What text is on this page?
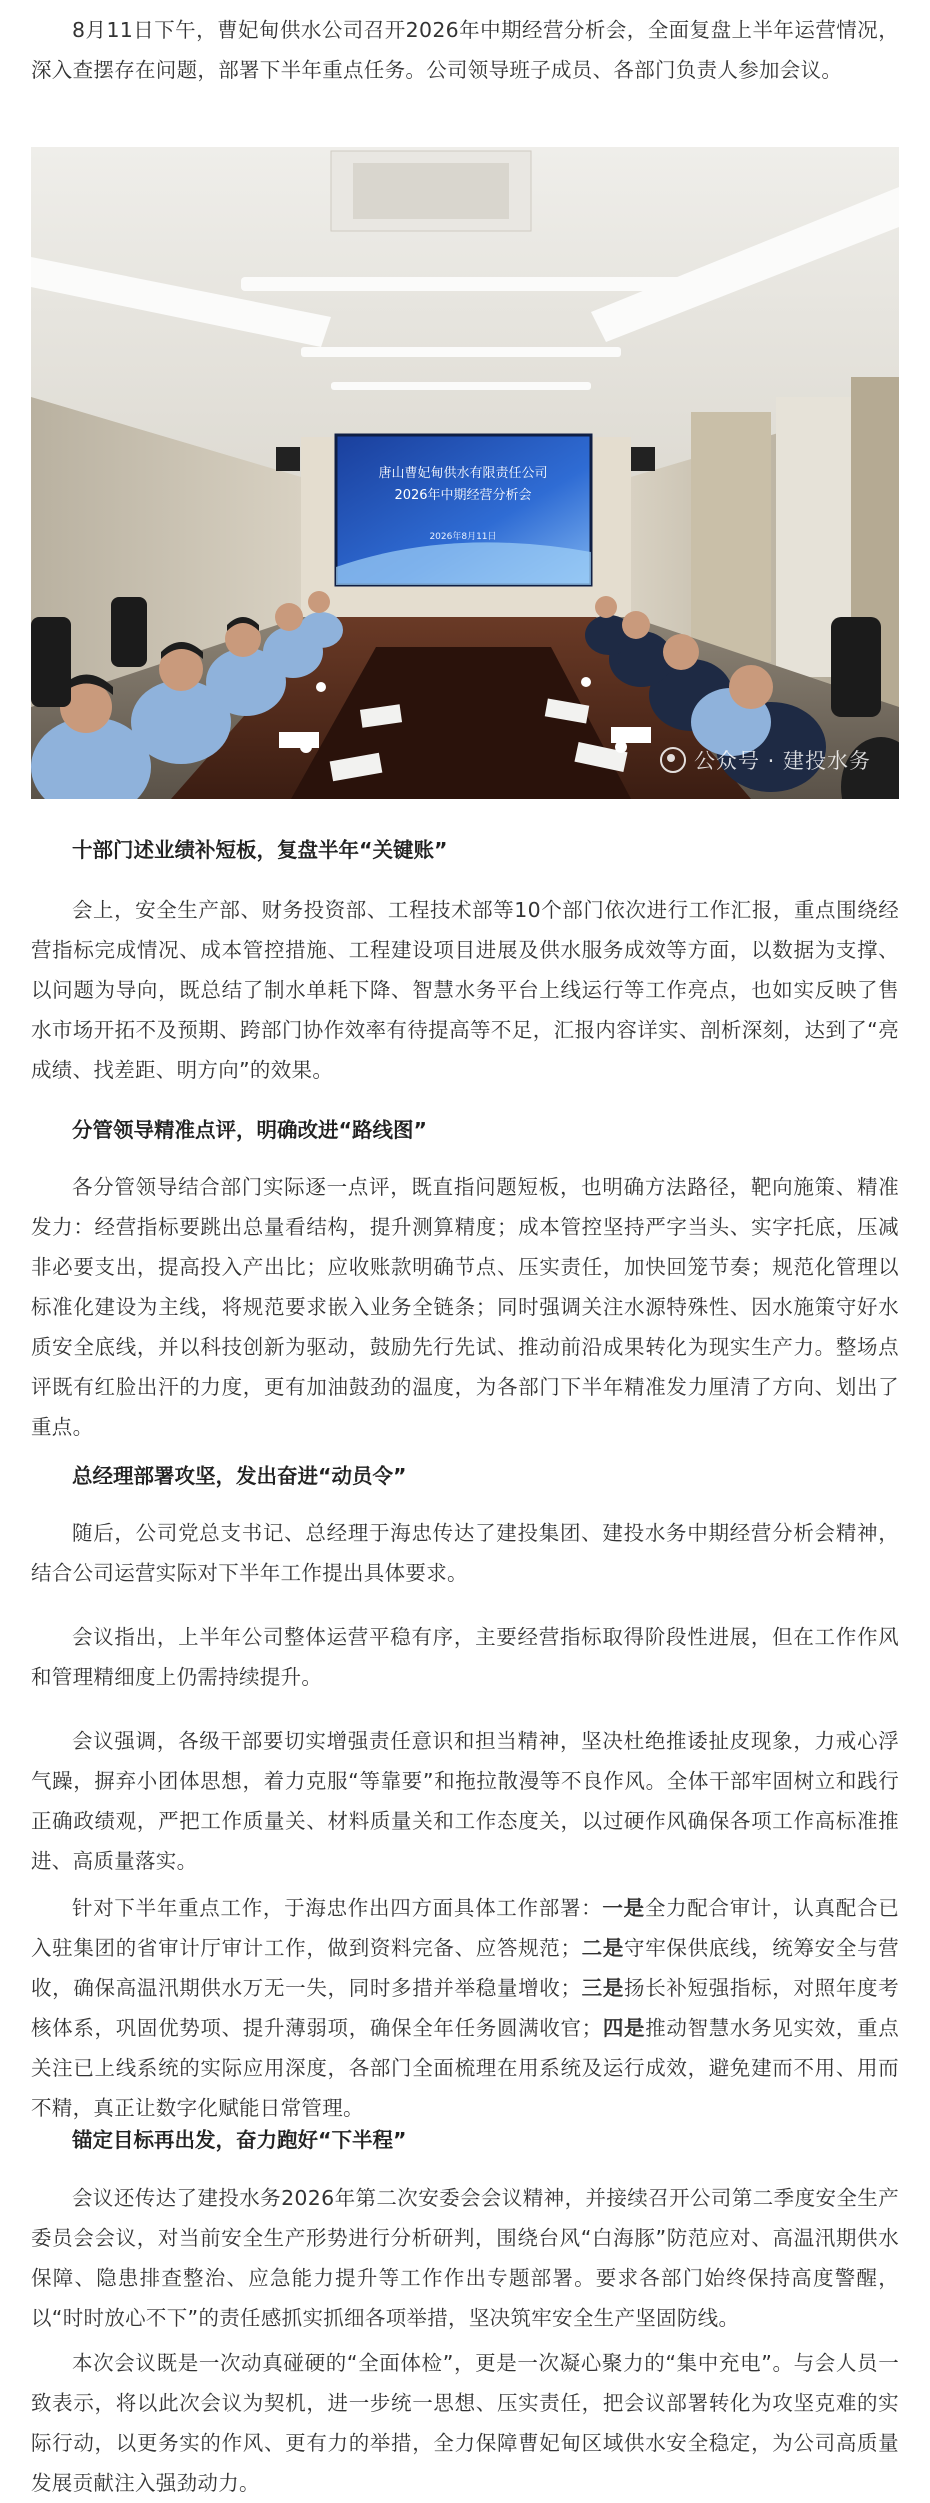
8月11日下午，曹妃甸供水公司召开2026年中期经营分析会，全面复盘上半年运营情况，深入查摆存在问题，部署下半年重点任务。公司领导班子成员、各部门负责人参加会议。

唐山曹妃甸供水有限责任公司
2026年中期经营分析会
2026年8月11日
公众号 · 建投水务
十部门述业绩补短板，复盘半年“关键账”

会上，安全生产部、财务投资部、工程技术部等10个部门依次进行工作汇报，重点围绕经营指标完成情况、成本管控措施、工程建设项目进展及供水服务成效等方面，以数据为支撑、以问题为导向，既总结了制水单耗下降、智慧水务平台上线运行等工作亮点，也如实反映了售水市场开拓不及预期、跨部门协作效率有待提高等不足，汇报内容详实、剖析深刻，达到了“亮成绩、找差距、明方向”的效果。

分管领导精准点评，明确改进“路线图”

各分管领导结合部门实际逐一点评，既直指问题短板，也明确方法路径，靶向施策、精准发力：经营指标要跳出总量看结构，提升测算精度；成本管控坚持严字当头、实字托底，压减非必要支出，提高投入产出比；应收账款明确节点、压实责任，加快回笼节奏；规范化管理以标准化建设为主线，将规范要求嵌入业务全链条；同时强调关注水源特殊性、因水施策守好水质安全底线，并以科技创新为驱动，鼓励先行先试、推动前沿成果转化为现实生产力。整场点评既有红脸出汗的力度，更有加油鼓劲的温度，为各部门下半年精准发力厘清了方向、划出了重点。

总经理部署攻坚，发出奋进“动员令”

随后，公司党总支书记、总经理于海忠传达了建投集团、建投水务中期经营分析会精神，结合公司运营实际对下半年工作提出具体要求。

会议指出，上半年公司整体运营平稳有序，主要经营指标取得阶段性进展，但在工作作风和管理精细度上仍需持续提升。

会议强调，各级干部要切实增强责任意识和担当精神，坚决杜绝推诿扯皮现象，力戒心浮气躁，摒弃小团体思想，着力克服“等靠要”和拖拉散漫等不良作风。全体干部牢固树立和践行正确政绩观，严把工作质量关、材料质量关和工作态度关，以过硬作风确保各项工作高标准推进、高质量落实。

针对下半年重点工作，于海忠作出四方面具体工作部署：一是全力配合审计，认真配合已入驻集团的省审计厅审计工作，做到资料完备、应答规范；二是守牢保供底线，统筹安全与营收，确保高温汛期供水万无一失，同时多措并举稳量增收；三是扬长补短强指标，对照年度考核体系，巩固优势项、提升薄弱项，确保全年任务圆满收官；四是推动智慧水务见实效，重点关注已上线系统的实际应用深度，各部门全面梳理在用系统及运行成效，避免建而不用、用而不精，真正让数字化赋能日常管理。

锚定目标再出发，奋力跑好“下半程”

会议还传达了建投水务2026年第二次安委会会议精神，并接续召开公司第二季度安全生产委员会会议，对当前安全生产形势进行分析研判，围绕台风“白海豚”防范应对、高温汛期供水保障、隐患排查整治、应急能力提升等工作作出专题部署。要求各部门始终保持高度警醒，以“时时放心不下”的责任感抓实抓细各项举措，坚决筑牢安全生产坚固防线。

本次会议既是一次动真碰硬的“全面体检”，更是一次凝心聚力的“集中充电”。与会人员一致表示，将以此次会议为契机，进一步统一思想、压实责任，把会议部署转化为攻坚克难的实际行动，以更务实的作风、更有力的举措，全力保障曹妃甸区域供水安全稳定，为公司高质量发展贡献注入强劲动力。
